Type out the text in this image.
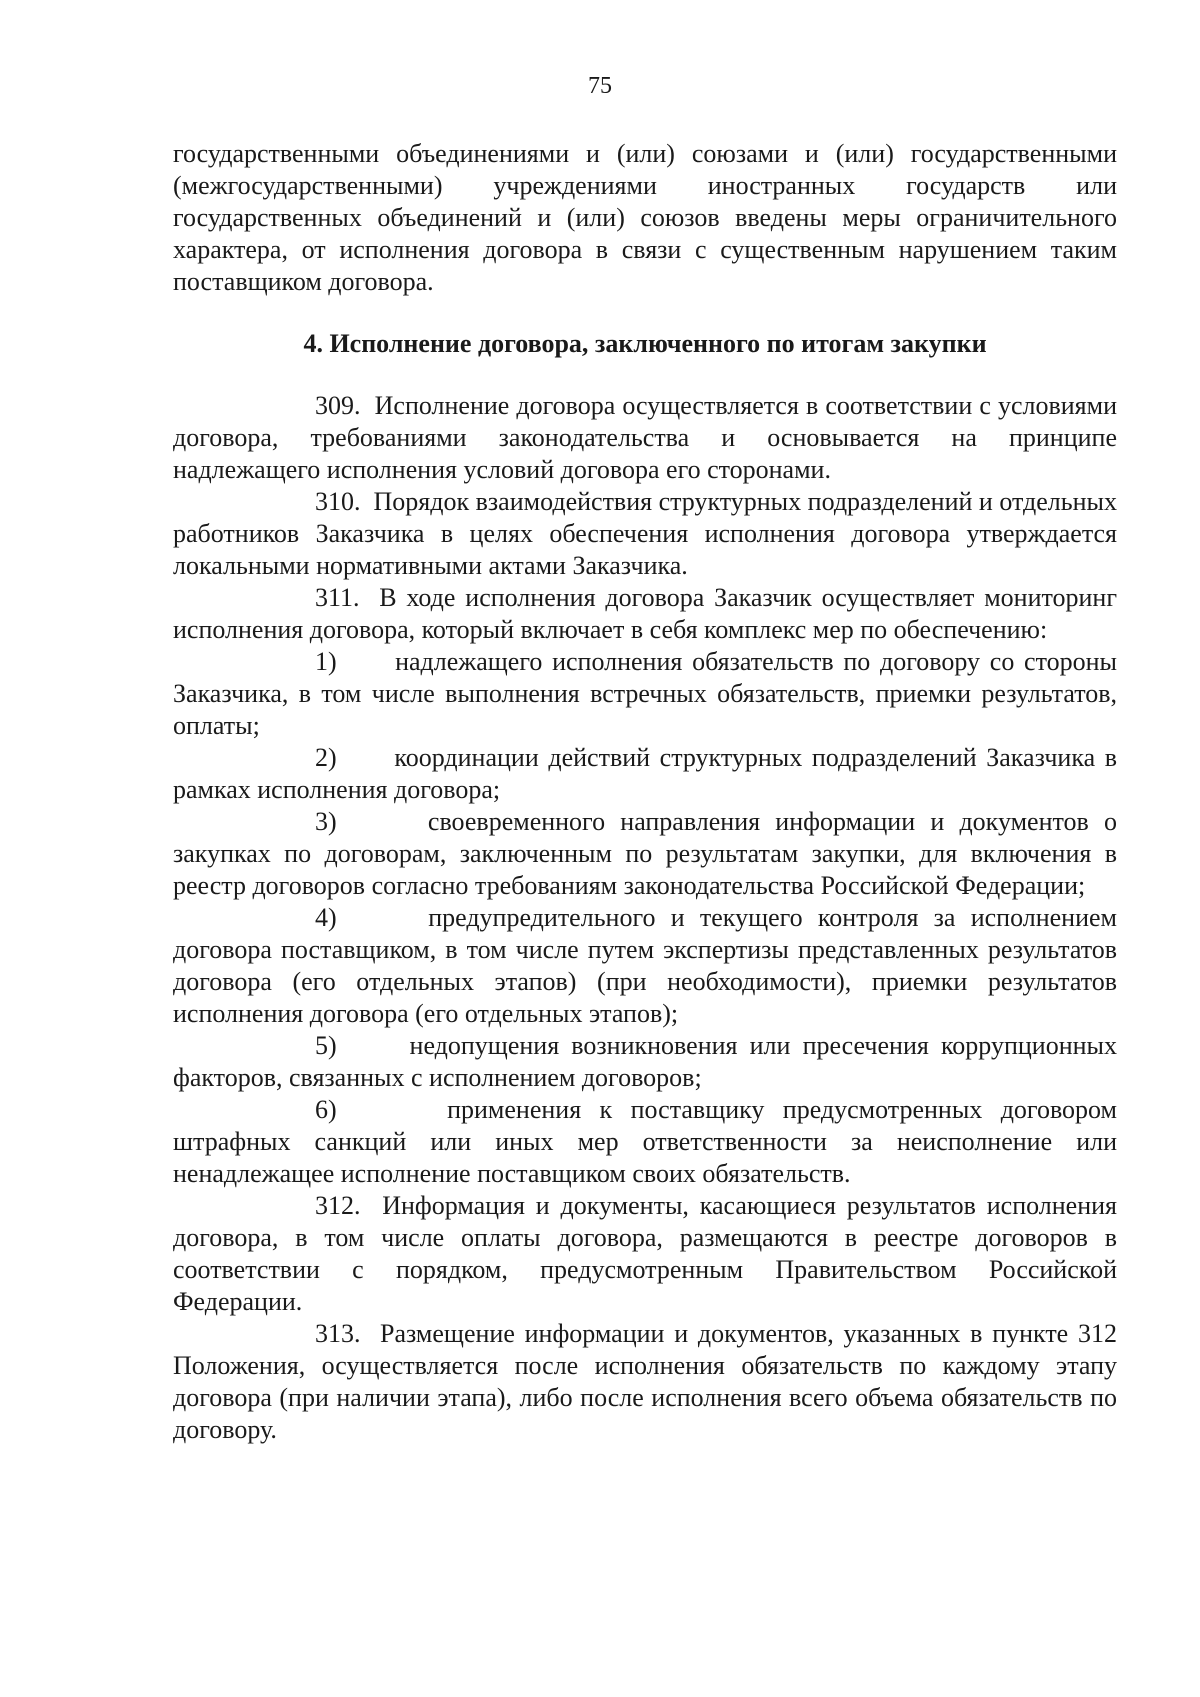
75

государственными объединениями и (или) союзами и (или) государственными (межгосударственными) учреждениями иностранных государств или государственных объединений и (или) союзов введены меры ограничительного характера, от исполнения договора в связи с существенным нарушением таким поставщиком договора.

4. Исполнение договора, заключенного по итогам закупки

309. Исполнение договора осуществляется в соответствии с условиями договора, требованиями законодательства и основывается на принципе надлежащего исполнения условий договора его сторонами.

310. Порядок взаимодействия структурных подразделений и отдельных работников Заказчика в целях обеспечения исполнения договора утверждается локальными нормативными актами Заказчика.

311. В ходе исполнения договора Заказчик осуществляет мониторинг исполнения договора, который включает в себя комплекс мер по обеспечению:

1) надлежащего исполнения обязательств по договору со стороны Заказчика, в том числе выполнения встречных обязательств, приемки результатов, оплаты;

2) координации действий структурных подразделений Заказчика в рамках исполнения договора;

3)	своевременного направления информации и документов о закупках по договорам, заключенным по результатам закупки, для включения в реестр договоров согласно требованиям законодательства Российской Федерации;

4)	предупредительного и текущего контроля за исполнением договора поставщиком, в том числе путем экспертизы представленных результатов договора (его отдельных этапов) (при необходимости), приемки результатов исполнения договора (его отдельных этапов);

5)	недопущения возникновения или пресечения коррупционных факторов, связанных с исполнением договоров;

6)	применения к поставщику предусмотренных договором штрафных санкций или иных мер ответственности за неисполнение или ненадлежащее исполнение поставщиком своих обязательств.

312. Информация и документы, касающиеся результатов исполнения договора, в том числе оплаты договора, размещаются в реестре договоров в соответствии с порядком, предусмотренным Правительством Российской Федерации.

313. Размещение информации и документов, указанных в пункте 312 Положения, осуществляется после исполнения обязательств по каждому этапу договора (при наличии этапа), либо после исполнения всего объема обязательств по договору.
